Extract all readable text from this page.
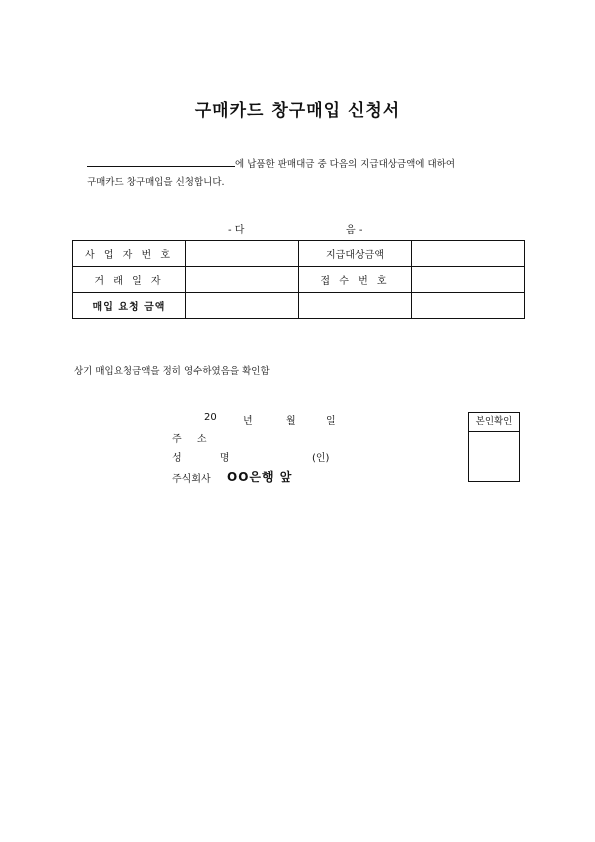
구매카드 창구매입 신청서
에 납품한 판매대금 중 다음의 지급대상금액에 대하여
구매카드 창구매입을 신청합니다.
- 다	음 -
사 업 자 번 호		지급대상금액	
거 래 일 자		접 수 번 호	
매입 요청 금액			
상기 매입요청금액을 정히 영수하였음을 확인함
20	년	월	일
주 소
성 명	(인)
주식회사 OO은행 앞
본인확인
